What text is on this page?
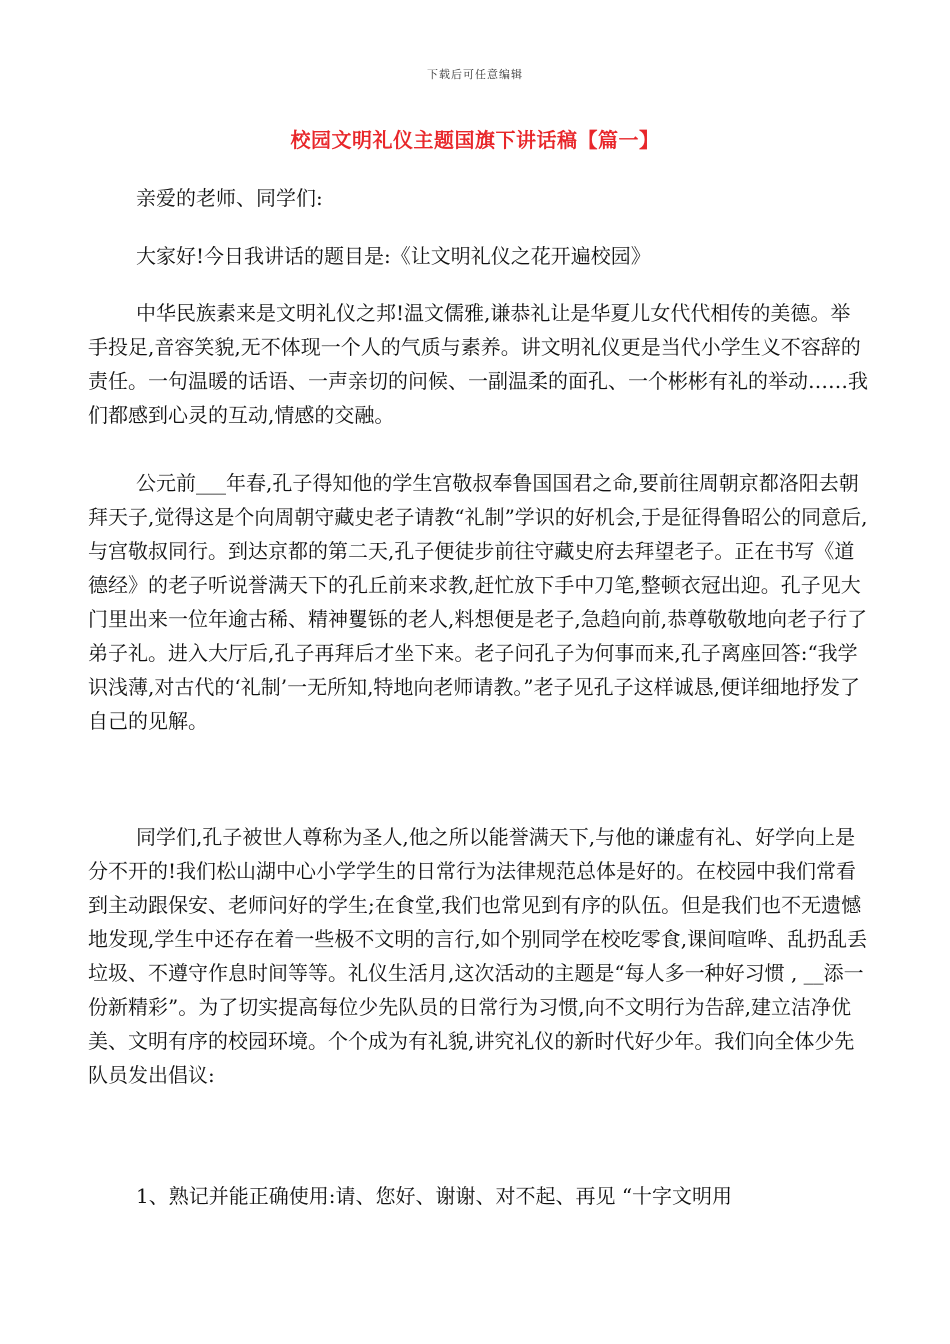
下载后可任意编辑
校园文明礼仪主题国旗下讲话稿【篇一】

亲爱的老师、同学们:

大家好!今日我讲话的题目是:《让文明礼仪之花开遍校园》

中华民族素来是文明礼仪之邦!温文儒雅,谦恭礼让是华夏儿女代代相传的美德。举手投足,音容笑貌,无不体现一个人的气质与素养。讲文明礼仪更是当代小学生义不容辞的责任。一句温暖的话语、一声亲切的问候、一副温柔的面孔、一个彬彬有礼的举动……我们都感到心灵的互动,情感的交融。

公元前___年春,孔子得知他的学生宫敬叔奉鲁国国君之命,要前往周朝京都洛阳去朝拜天子,觉得这是个向周朝守藏史老子请教“礼制”学识的好机会,于是征得鲁昭公的同意后,与宫敬叔同行。到达京都的第二天,孔子便徒步前往守藏史府去拜望老子。正在书写《道德经》的老子听说誉满天下的孔丘前来求教,赶忙放下手中刀笔,整顿衣冠出迎。孔子见大门里出来一位年逾古稀、精神矍铄的老人,料想便是老子,急趋向前,恭尊敬敬地向老子行了弟子礼。进入大厅后,孔子再拜后才坐下来。老子问孔子为何事而来,孔子离座回答:“我学识浅薄,对古代的‘礼制’一无所知,特地向老师请教。”老子见孔子这样诚恳,便详细地抒发了自己的见解。

同学们,孔子被世人尊称为圣人,他之所以能誉满天下,与他的谦虚有礼、好学向上是分不开的!我们松山湖中心小学学生的日常行为法律规范总体是好的。在校园中我们常看到主动跟保安、老师问好的学生;在食堂,我们也常见到有序的队伍。但是我们也不无遗憾地发现,学生中还存在着一些极不文明的言行,如个别同学在校吃零食,课间喧哗、乱扔乱丢垃圾、不遵守作息时间等等。礼仪生活月,这次活动的主题是“每人多一种好习惯 , __添一份新精彩”。为了切实提高每位少先队员的日常行为习惯,向不文明行为告辞,建立洁净优美、文明有序的校园环境。个个成为有礼貌,讲究礼仪的新时代好少年。我们向全体少先队员发出倡议:

1、熟记并能正确使用:请、您好、谢谢、对不起、再见 “十字文明用
